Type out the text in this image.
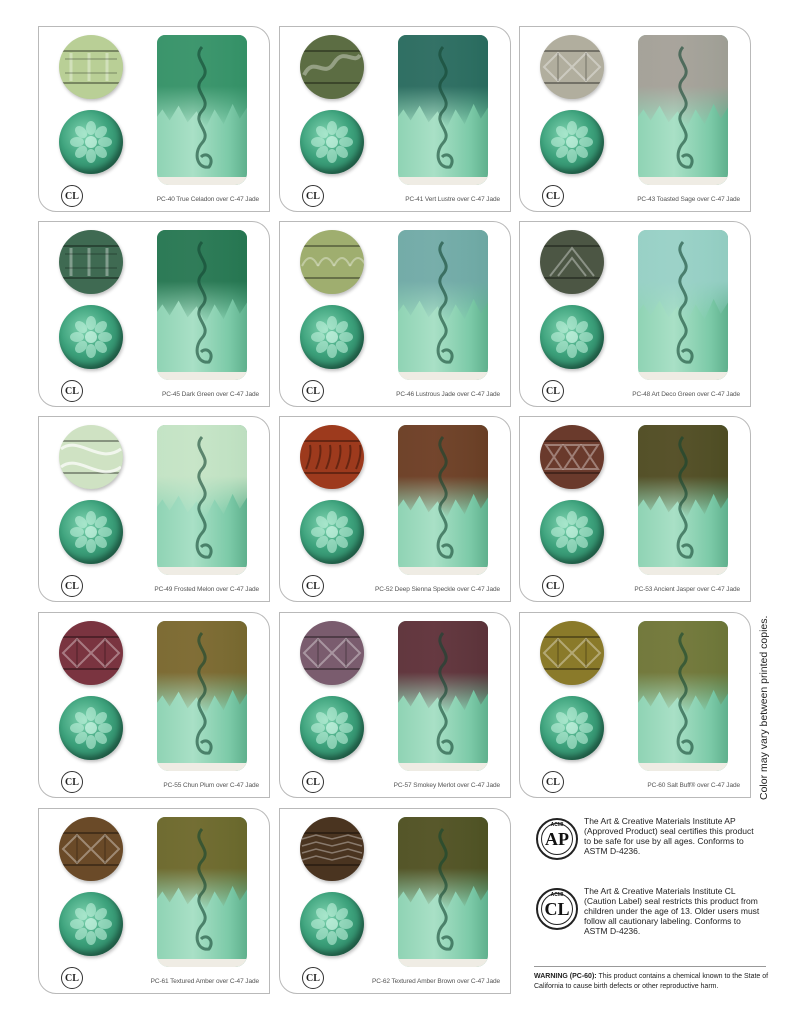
CL	PC-40 True Celadon over C-47 Jade	CL	PC-41 Vert Lustre over C-47 Jade	CL	PC-43 Toasted Sage over C-47 Jade
CL	PC-45 Dark Green over C-47 Jade	CL	PC-46 Lustrous Jade over C-47 Jade	CL	PC-48 Art Deco Green over C-47 Jade
CL	PC-49 Frosted Melon over C-47 Jade	CL	PC-52 Deep Sienna Speckle over C-47 Jade	CL	PC-53 Ancient Jasper over C-47 Jade
CL	PC-55 Chun Plum over C-47 Jade	CL	PC-57 Smokey Merlot over C-47 Jade	CL	PC-60 Salt Buff® over C-47 Jade
CL	PC-61 Textured Amber over C-47 Jade	CL	PC-62 Textured Amber Brown over C-47 Jade
Color may vary between printed copies.
ACMI
AP
The Art & Creative Materials Institute AP (Approved Product) seal certifies this product to be safe for use by all ages. Conforms to ASTM D-4236.
ACMI
CL
The Art & Creative Materials Institute CL (Caution Label) seal restricts this product from children under the age of 13. Older users must follow all cautionary labeling. Conforms to ASTM D-4236.
WARNING (PC-60): This product contains a chemical known to the State of California to cause birth defects or other reproductive harm.
